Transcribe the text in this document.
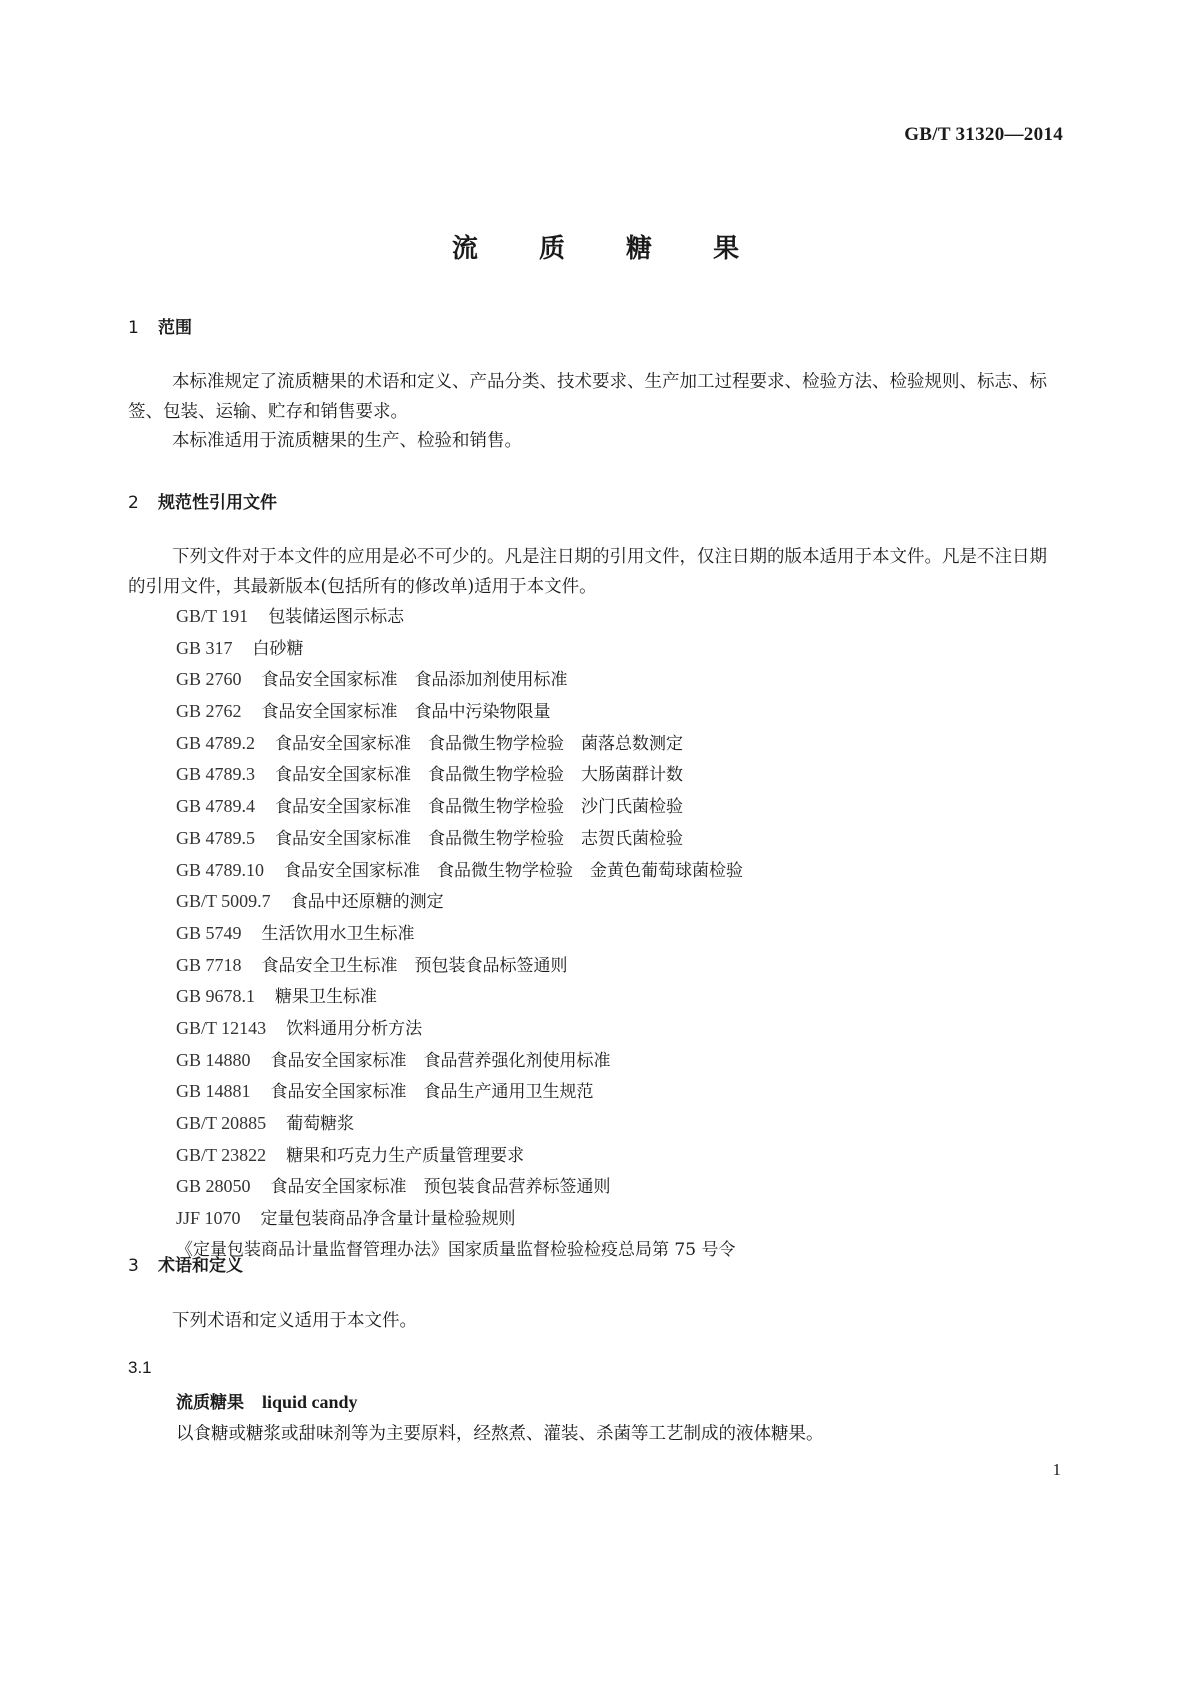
GB/T 31320—2014
流 质 糖 果
1 范围
本标准规定了流质糖果的术语和定义、产品分类、技术要求、生产加工过程要求、检验方法、检验规则、标志、标签、包装、运输、贮存和销售要求。
本标准适用于流质糖果的生产、检验和销售。
2 规范性引用文件
下列文件对于本文件的应用是必不可少的。凡是注日期的引用文件，仅注日期的版本适用于本文件。凡是不注日期的引用文件，其最新版本(包括所有的修改单)适用于本文件。
GB/T 191 包装储运图示标志
GB 317 白砂糖
GB 2760 食品安全国家标准　食品添加剂使用标准
GB 2762 食品安全国家标准　食品中污染物限量
GB 4789.2 食品安全国家标准　食品微生物学检验　菌落总数测定
GB 4789.3 食品安全国家标准　食品微生物学检验　大肠菌群计数
GB 4789.4 食品安全国家标准　食品微生物学检验　沙门氏菌检验
GB 4789.5 食品安全国家标准　食品微生物学检验　志贺氏菌检验
GB 4789.10 食品安全国家标准　食品微生物学检验　金黄色葡萄球菌检验
GB/T 5009.7 食品中还原糖的测定
GB 5749 生活饮用水卫生标准
GB 7718 食品安全卫生标准　预包装食品标签通则
GB 9678.1 糖果卫生标准
GB/T 12143 饮料通用分析方法
GB 14880 食品安全国家标准　食品营养强化剂使用标准
GB 14881 食品安全国家标准　食品生产通用卫生规范
GB/T 20885 葡萄糖浆
GB/T 23822 糖果和巧克力生产质量管理要求
GB 28050 食品安全国家标准　预包装食品营养标签通则
JJF 1070 定量包装商品净含量计量检验规则
《定量包装商品计量监督管理办法》国家质量监督检验检疫总局第 75 号令
3 术语和定义
下列术语和定义适用于本文件。
3.1
流质糖果 liquid candy
以食糖或糖浆或甜味剂等为主要原料，经熬煮、灌装、杀菌等工艺制成的液体糖果。
1
